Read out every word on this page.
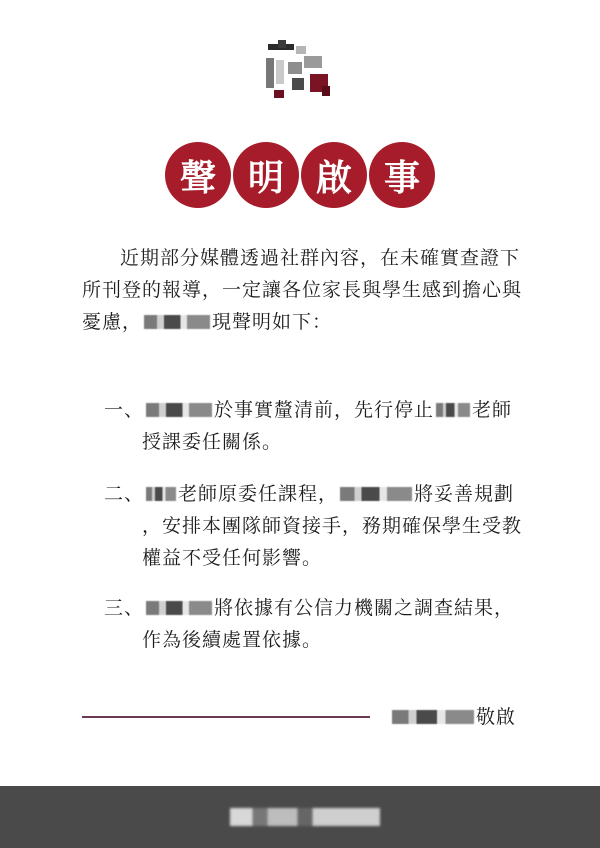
聲 明 啟 事
近期部分媒體透過社群內容，在未確實查證下
所刊登的報導，一定讓各位家長與學生感到擔心與
憂慮，	現聲明如下：
一、	於事實釐清前，先行停止 老師
授課委任關係。
二、 老師原委任課程，	將妥善規劃
，安排本團隊師資接手，務期確保學生受教
權益不受任何影響。
三、	將依據有公信力機關之調查結果，
作為後續處置依據。
敬啟
